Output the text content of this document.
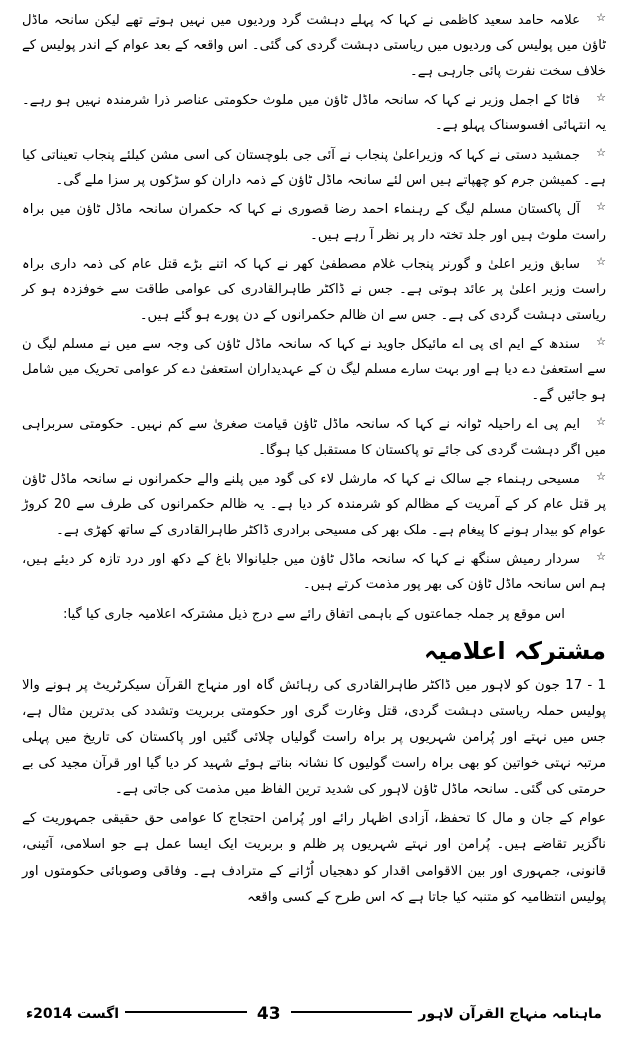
☆علامہ حامد سعید کاظمی نے کہا کہ پہلے دہشت گرد وردیوں میں نہیں ہوتے تھے لیکن سانحہ ماڈل ٹاؤن میں پولیس کی وردیوں میں ریاستی دہشت گردی کی گئی۔ اس واقعہ کے بعد عوام کے اندر پولیس کے خلاف سخت نفرت پائی جارہی ہے۔
☆فاٹا کے اجمل وزیر نے کہا کہ سانحہ ماڈل ٹاؤن میں ملوث حکومتی عناصر ذرا شرمندہ نہیں ہو رہے۔ یہ انتہائی افسوسناک پہلو ہے۔
☆جمشید دستی نے کہا کہ وزیراعلیٰ پنجاب نے آئی جی بلوچستان کی اسی مشن کیلئے پنجاب تعیناتی کیا ہے۔ کمیشن جرم کو چھپاتے ہیں اس لئے سانحہ ماڈل ٹاؤن کے ذمہ داران کو سڑکوں پر سزا ملے گی۔
☆آل پاکستان مسلم لیگ کے رہنماء احمد رضا قصوری نے کہا کہ حکمران سانحہ ماڈل ٹاؤن میں براہ راست ملوث ہیں اور جلد تختہ دار پر نظر آ رہے ہیں۔
☆سابق وزیر اعلیٰ و گورنر پنجاب غلام مصطفیٰ کھر نے کہا کہ اتنے بڑے قتل عام کی ذمہ داری براہ راست وزیر اعلیٰ پر عائد ہوتی ہے۔ جس نے ڈاکٹر طاہرالقادری کی عوامی طاقت سے خوفزدہ ہو کر ریاستی دہشت گردی کی ہے۔ جس سے ان ظالم حکمرانوں کے دن پورے ہو گئے ہیں۔
☆سندھ کے ایم ای پی اے مائیکل جاوید نے کہا کہ سانحہ ماڈل ٹاؤن کی وجہ سے میں نے مسلم لیگ ن سے استعفیٰ دے دیا ہے اور بہت سارے مسلم لیگ ن کے عہدیداران استعفیٰ دے کر عوامی تحریک میں شامل ہو جائیں گے۔
☆ایم پی اے راحیلہ ٹوانہ نے کہا کہ سانحہ ماڈل ٹاؤن قیامت صغریٰ سے کم نہیں۔ حکومتی سربراہی میں اگر دہشت گردی کی جائے تو پاکستان کا مستقبل کیا ہوگا۔
☆مسیحی رہنماء جے سالک نے کہا کہ مارشل لاء کی گود میں پلنے والے حکمرانوں نے سانحہ ماڈل ٹاؤن پر قتل عام کر کے آمریت کے مظالم کو شرمندہ کر دیا ہے۔ یہ ظالم حکمرانوں کی طرف سے 20 کروڑ عوام کو بیدار ہونے کا پیغام ہے۔ ملک بھر کی مسیحی برادری ڈاکٹر طاہرالقادری کے ساتھ کھڑی ہے۔
☆سردار رمیش سنگھ نے کہا کہ سانحہ ماڈل ٹاؤن میں جلیانوالا باغ کے دکھ اور درد تازہ کر دیئے ہیں، ہم اس سانحہ ماڈل ٹاؤن کی بھر پور مذمت کرتے ہیں۔
اس موقع پر جملہ جماعتوں کے باہمی اتفاق رائے سے درج ذیل مشترکہ اعلامیہ جاری کیا گیا:
مشترکہ اعلامیہ
1 - 17 جون کو لاہور میں ڈاکٹر طاہرالقادری کی رہائش گاہ اور منہاج القرآن سیکرٹریٹ پر ہونے والا پولیس حملہ ریاستی دہشت گردی، قتل وغارت گری اور حکومتی بربریت وتشدد کی بدترین مثال ہے، جس میں نہتے اور پُرامن شہریوں پر براہ راست گولیاں چلائی گئیں اور پاکستان کی تاریخ میں پہلی مرتبہ نہتی خواتین کو بھی براہ راست گولیوں کا نشانہ بناتے ہوئے شہید کر دیا گیا اور قرآن مجید کی بے حرمتی کی گئی۔ سانحہ ماڈل ٹاؤن لاہور کی شدید ترین الفاظ میں مذمت کی جاتی ہے۔
عوام کے جان و مال کا تحفظ، آزادی اظہار رائے اور پُرامن احتجاج کا عوامی حق حقیقی جمہوریت کے ناگزیر تقاضے ہیں۔ پُرامن اور نہتے شہریوں پر ظلم و بربریت ایک ایسا عمل ہے جو اسلامی، آئینی، قانونی، جمہوری اور بین الاقوامی اقدار کو دھجیاں اُڑانے کے مترادف ہے۔ وفاقی وصوبائی حکومتوں اور پولیس انتظامیہ کو متنبہ کیا جاتا ہے کہ اس طرح کے کسی واقعہ
اگست 2014ء	43	ماہنامہ منہاج القرآن لاہور
